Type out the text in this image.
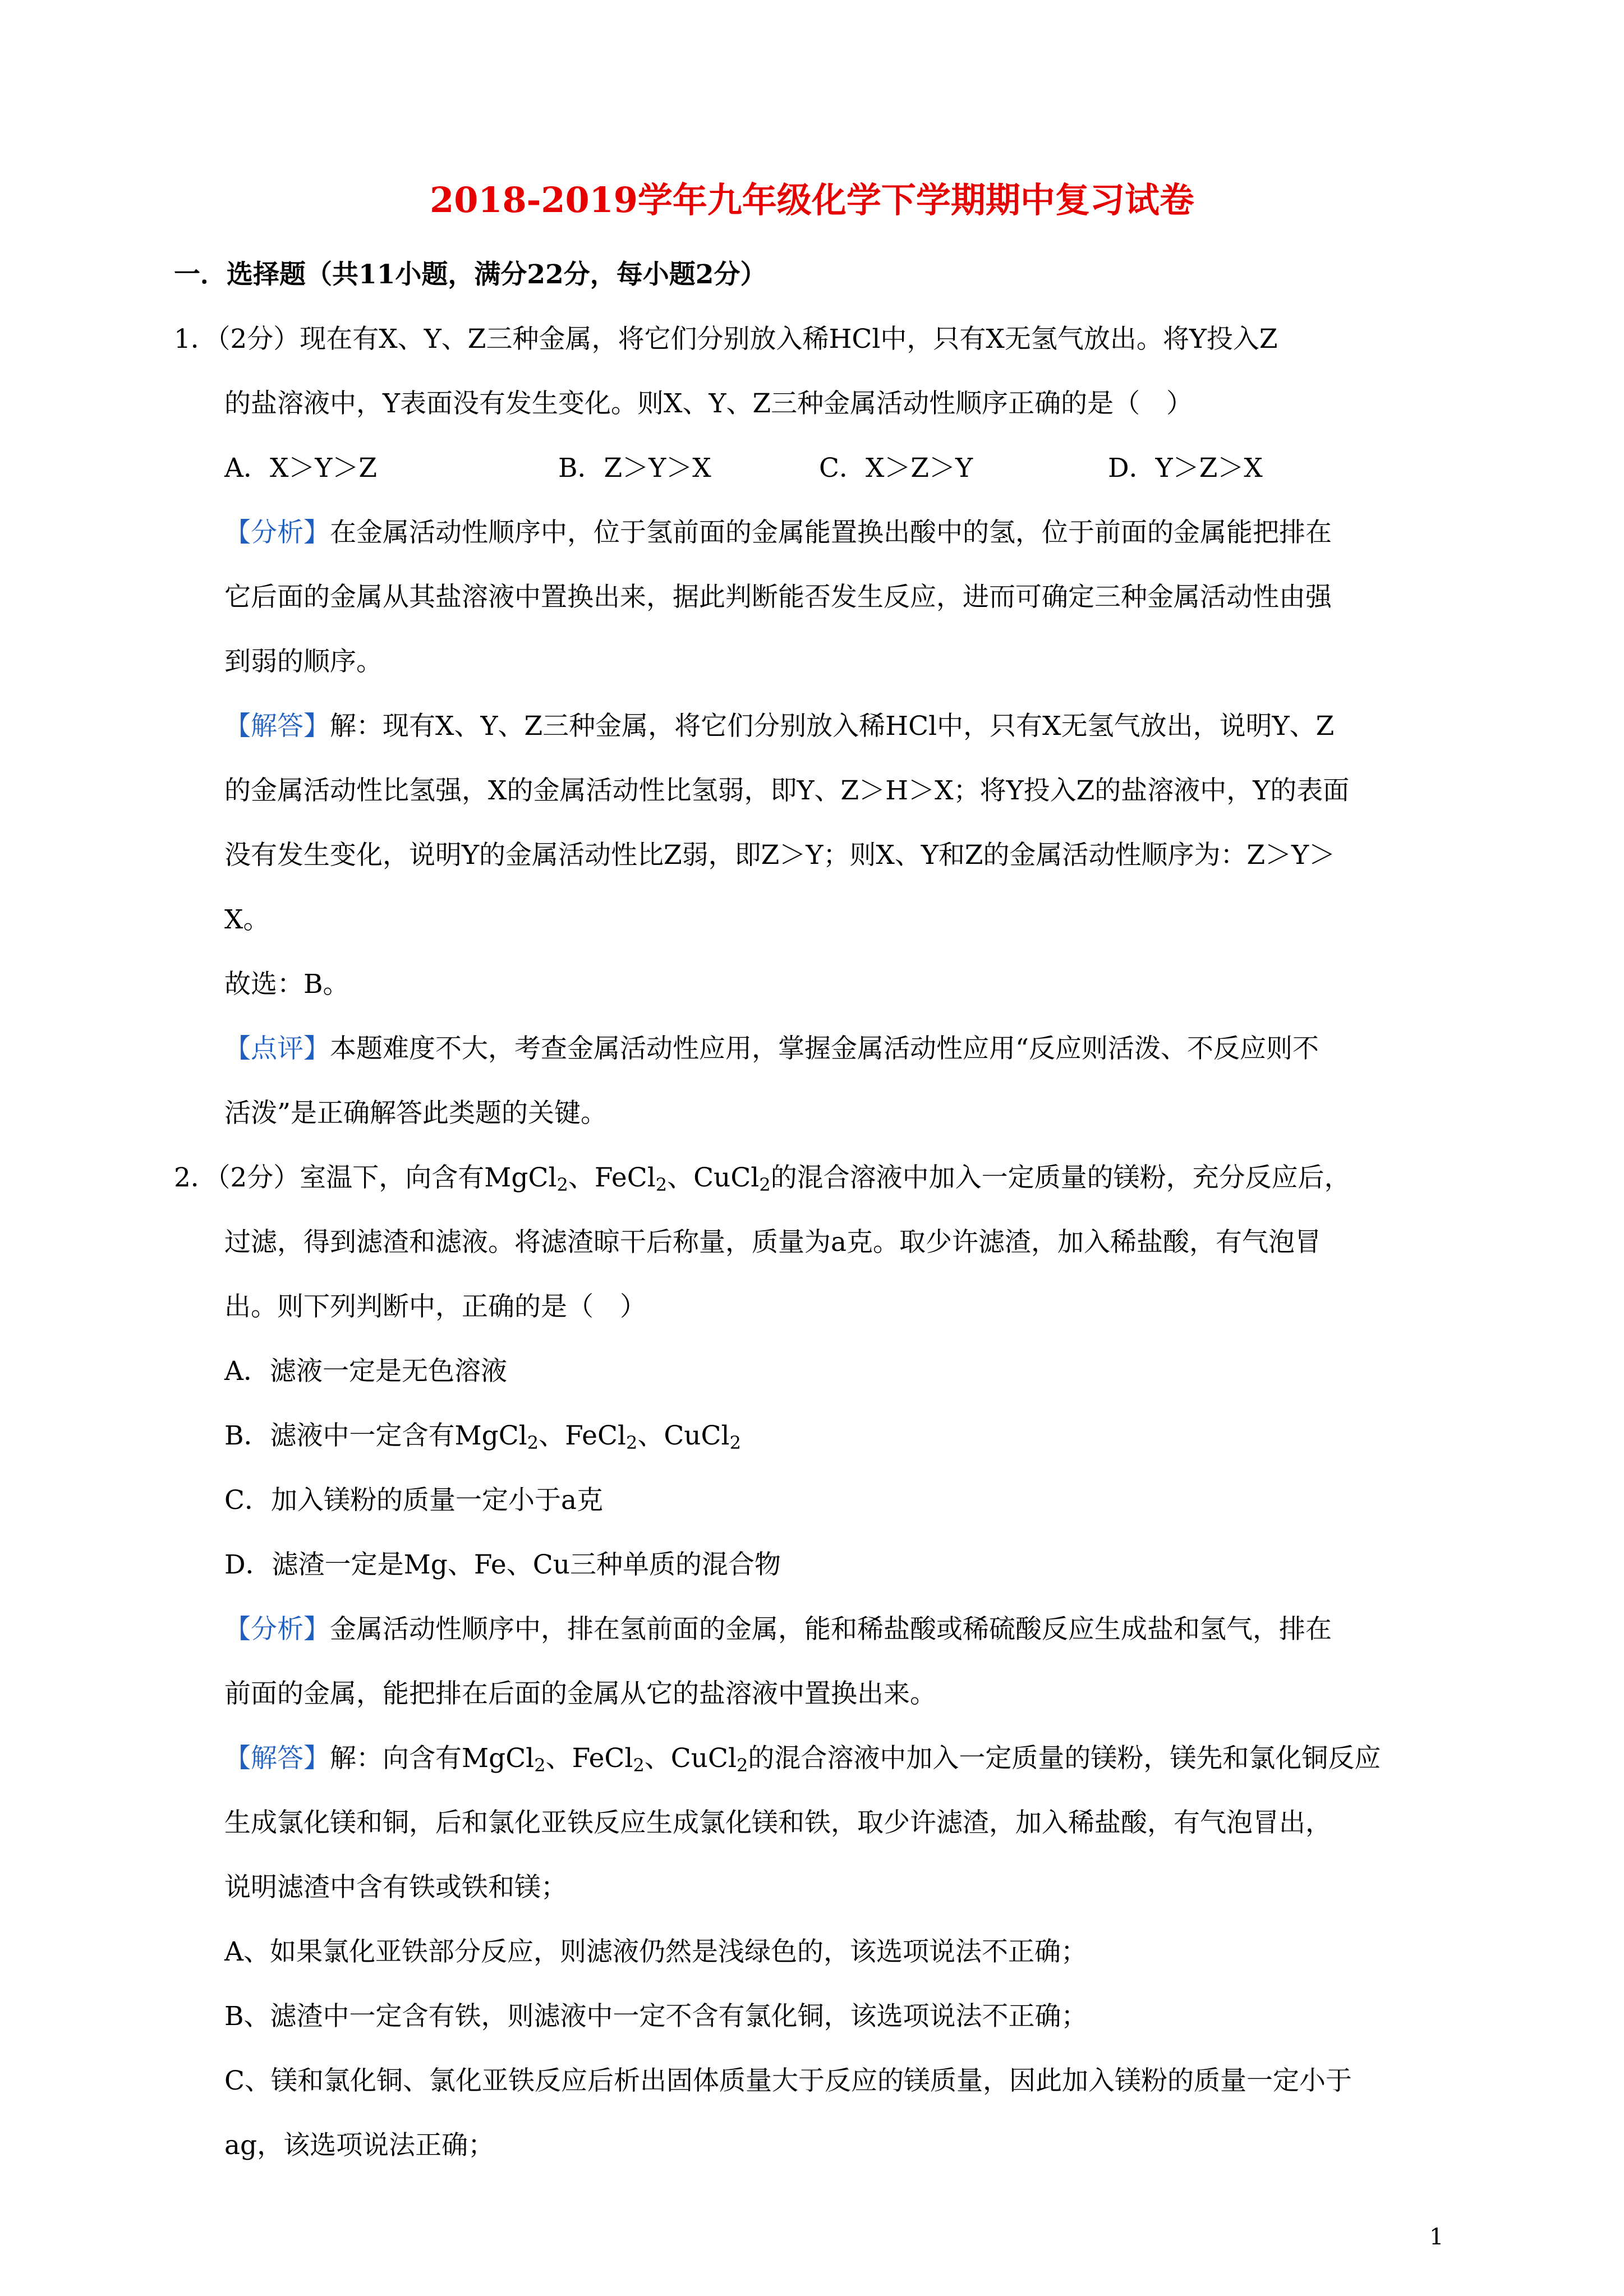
2018-2019学年九年级化学下学期期中复习试卷
一．选择题（共11小题，满分22分，每小题2分）
1．（2分）现在有X、Y、Z三种金属，将它们分别放入稀HCl中，只有X无氢气放出。将Y投入Z
的盐溶液中，Y表面没有发生变化。则X、Y、Z三种金属活动性顺序正确的是（　）
A．X＞Y＞Z	B．Z＞Y＞X	C．X＞Z＞Y	D．Y＞Z＞X
【分析】在金属活动性顺序中，位于氢前面的金属能置换出酸中的氢，位于前面的金属能把排在
它后面的金属从其盐溶液中置换出来，据此判断能否发生反应，进而可确定三种金属活动性由强
到弱的顺序。
【解答】解：现有X、Y、Z三种金属，将它们分别放入稀HCl中，只有X无氢气放出，说明Y、Z
的金属活动性比氢强，X的金属活动性比氢弱，即Y、Z＞H＞X；将Y投入Z的盐溶液中，Y的表面
没有发生变化，说明Y的金属活动性比Z弱，即Z＞Y；则X、Y和Z的金属活动性顺序为：Z＞Y＞
X。
故选：B。
【点评】本题难度不大，考查金属活动性应用，掌握金属活动性应用“反应则活泼、不反应则不
活泼”是正确解答此类题的关键。
2．（2分）室温下，向含有MgCl$_2$、FeCl$_2$、CuCl$_2$的混合溶液中加入一定质量的镁粉，充分反应后，
过滤，得到滤渣和滤液。将滤渣晾干后称量，质量为a克。取少许滤渣，加入稀盐酸，有气泡冒
出。则下列判断中，正确的是（　）
A．滤液一定是无色溶液
B．滤液中一定含有MgCl$_2$、FeCl$_2$、CuCl$_2$
C．加入镁粉的质量一定小于a克
D．滤渣一定是Mg、Fe、Cu三种单质的混合物
【分析】金属活动性顺序中，排在氢前面的金属，能和稀盐酸或稀硫酸反应生成盐和氢气，排在
前面的金属，能把排在后面的金属从它的盐溶液中置换出来。
【解答】解：向含有MgCl$_2$、FeCl$_2$、CuCl$_2$的混合溶液中加入一定质量的镁粉，镁先和氯化铜反应
生成氯化镁和铜，后和氯化亚铁反应生成氯化镁和铁，取少许滤渣，加入稀盐酸，有气泡冒出，
说明滤渣中含有铁或铁和镁；
A、如果氯化亚铁部分反应，则滤液仍然是浅绿色的，该选项说法不正确；
B、滤渣中一定含有铁，则滤液中一定不含有氯化铜，该选项说法不正确；
C、镁和氯化铜、氯化亚铁反应后析出固体质量大于反应的镁质量，因此加入镁粉的质量一定小于
ag，该选项说法正确；
1
